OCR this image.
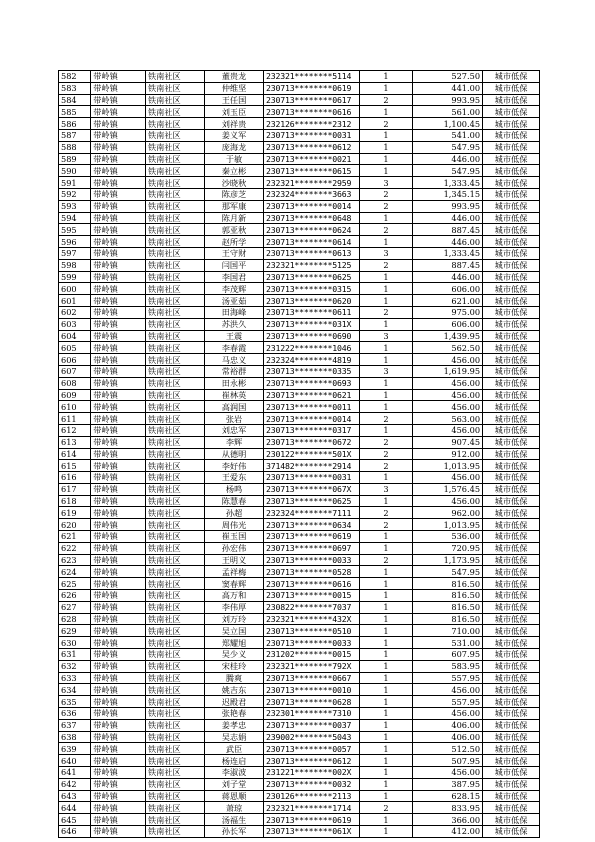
582	带岭镇	铁南社区	董贵龙	232321********5114	1	527.50	城市低保
583	带岭镇	铁南社区	仲维坚	230713********0619	1	441.00	城市低保
584	带岭镇	铁南社区	王任国	230713********0617	2	993.95	城市低保
585	带岭镇	铁南社区	刘玉臣	230713********0616	1	561.00	城市低保
586	带岭镇	铁南社区	刘祥贵	232126********2312	2	1,100.45	城市低保
587	带岭镇	铁南社区	姜义军	230713********0031	1	541.00	城市低保
588	带岭镇	铁南社区	庞海龙	230713********0612	1	547.95	城市低保
589	带岭镇	铁南社区	于敏	230713********0021	1	446.00	城市低保
590	带岭镇	铁南社区	秦立彬	230713********0615	1	547.95	城市低保
591	带岭镇	铁南社区	沙晓秋	232321********2959	3	1,333.45	城市低保
592	带岭镇	铁南社区	陈彦芝	232324********3663	2	1,345.15	城市低保
593	带岭镇	铁南社区	那军康	230713********0014	2	993.95	城市低保
594	带岭镇	铁南社区	陈月新	230713********0648	1	446.00	城市低保
595	带岭镇	铁南社区	郭亚秋	230713********0624	2	887.45	城市低保
596	带岭镇	铁南社区	赵所学	230713********0614	1	446.00	城市低保
597	带岭镇	铁南社区	王守财	230713********0613	3	1,333.45	城市低保
598	带岭镇	铁南社区	闫国平	232321********5125	2	887.45	城市低保
599	带岭镇	铁南社区	李国君	230713********0625	1	446.00	城市低保
600	带岭镇	铁南社区	李茂辉	230713********0315	1	606.00	城市低保
601	带岭镇	铁南社区	汤亚茹	230713********0620	1	621.00	城市低保
602	带岭镇	铁南社区	田海峰	230713********0611	2	975.00	城市低保
603	带岭镇	铁南社区	苏洪久	230713********031X	1	606.00	城市低保
604	带岭镇	铁南社区	王震	230713********0690	3	1,439.95	城市低保
605	带岭镇	铁南社区	李春霞	231222********1046	1	562.50	城市低保
606	带岭镇	铁南社区	马忠义	232324********4819	1	456.00	城市低保
607	带岭镇	铁南社区	常裕群	230713********0335	3	1,619.95	城市低保
608	带岭镇	铁南社区	田永彬	230713********0693	1	456.00	城市低保
609	带岭镇	铁南社区	崔林英	230713********0621	1	456.00	城市低保
610	带岭镇	铁南社区	高润国	230713********0011	1	456.00	城市低保
611	带岭镇	铁南社区	张岩	230713********0014	2	563.00	城市低保
612	带岭镇	铁南社区	刘忠军	230713********0317	1	456.00	城市低保
613	带岭镇	铁南社区	李辉	230713********0672	2	907.45	城市低保
614	带岭镇	铁南社区	从德明	230122********501X	2	912.00	城市低保
615	带岭镇	铁南社区	李好伟	371482********2914	2	1,013.95	城市低保
616	带岭镇	铁南社区	王爱东	230713********0031	1	456.00	城市低保
617	带岭镇	铁南社区	杨鸣	230713********067X	3	1,576.45	城市低保
618	带岭镇	铁南社区	陈慧春	230713********0625	1	456.00	城市低保
619	带岭镇	铁南社区	孙超	232324********7111	2	962.00	城市低保
620	带岭镇	铁南社区	周伟光	230713********0634	2	1,013.95	城市低保
621	带岭镇	铁南社区	崔玉国	230713********0619	1	536.00	城市低保
622	带岭镇	铁南社区	孙宏伟	230713********0697	1	720.95	城市低保
623	带岭镇	铁南社区	王明义	230713********0033	2	1,173.95	城市低保
624	带岭镇	铁南社区	孟祥梅	230713********0528	1	547.95	城市低保
625	带岭镇	铁南社区	窦春辉	230713********0616	1	816.50	城市低保
626	带岭镇	铁南社区	高万和	230713********0015	1	816.50	城市低保
627	带岭镇	铁南社区	李伟厚	230822********7037	1	816.50	城市低保
628	带岭镇	铁南社区	刘万玲	232321********432X	1	816.50	城市低保
629	带岭镇	铁南社区	吴立国	230713********0510	1	710.00	城市低保
630	带岭镇	铁南社区	郑耀旭	230713********0033	1	531.00	城市低保
631	带岭镇	铁南社区	吴少义	231202********0015	1	607.95	城市低保
632	带岭镇	铁南社区	宋桂玲	232321********792X	1	583.95	城市低保
633	带岭镇	铁南社区	腾爽	230713********0667	1	557.95	城市低保
634	带岭镇	铁南社区	姚吉东	230713********0010	1	456.00	城市低保
635	带岭镇	铁南社区	迟殿君	230713********0628	1	557.95	城市低保
636	带岭镇	铁南社区	张艳春	232301********7310	1	456.00	城市低保
637	带岭镇	铁南社区	姜孝忠	230713********0037	1	406.00	城市低保
638	带岭镇	铁南社区	吴志娟	239002********5043	1	406.00	城市低保
639	带岭镇	铁南社区	武臣	230713********0057	1	512.50	城市低保
640	带岭镇	铁南社区	杨连启	230713********0612	1	507.95	城市低保
641	带岭镇	铁南社区	李淑波	231221********002X	1	456.00	城市低保
642	带岭镇	铁南社区	刘子堂	230713********0032	1	387.95	城市低保
643	带岭镇	铁南社区	蒋恩顺	230126********2113	1	628.15	城市低保
644	带岭镇	铁南社区	萧琼	232321********1714	2	833.95	城市低保
645	带岭镇	铁南社区	汤福生	230713********0619	1	366.00	城市低保
646	带岭镇	铁南社区	孙长军	230713********061X	1	412.00	城市低保
